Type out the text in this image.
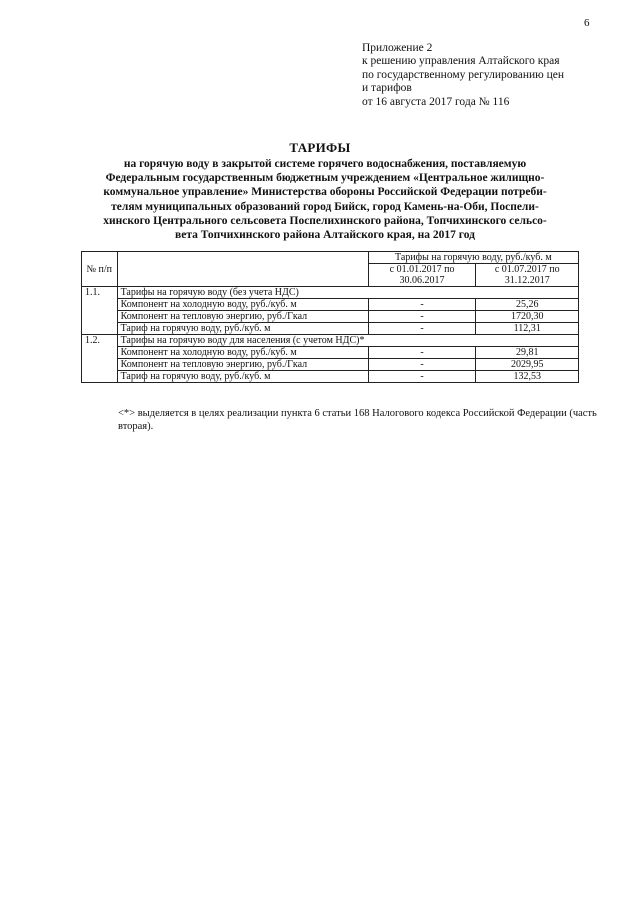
6
Приложение 2
к решению управления Алтайского края
по государственному регулированию цен
и тарифов
от 16 августа 2017 года № 116
ТАРИФЫ
на горячую воду в закрытой системе горячего водоснабжения, поставляемую
Федеральным государственным бюджетным учреждением «Центральное жилищно-
коммунальное управление» Министерства обороны Российской Федерации потреби-
телям муниципальных образований город Бийск, город Камень-на-Оби, Поспели-
хинского Центрального сельсовета Поспелихинского района, Топчихинского сельсо-
вета Топчихинского района Алтайского края, на 2017 год
№ п/п		Тарифы на горячую воду, руб./куб. м	
		с 01.01.2017 по 30.06.2017	с 01.07.2017 по 31.12.2017
1.1.	Тарифы на горячую воду (без учета НДС)		
	Компонент на холодную воду, руб./куб. м	-	25,26
	Компонент на тепловую энергию, руб./Гкал	-	1720,30
	Тариф на горячую воду, руб./куб. м	-	112,31
1.2.	Тарифы на горячую воду для населения (с учетом НДС)*		
	Компонент на холодную воду, руб./куб. м	-	29,81
	Компонент на тепловую энергию, руб./Гкал	-	2029,95
	Тариф на горячую воду, руб./куб. м	-	132,53
<*> выделяется в целях реализации пункта 6 статьи 168 Налогового кодекса Российской Федерации (часть
вторая).
